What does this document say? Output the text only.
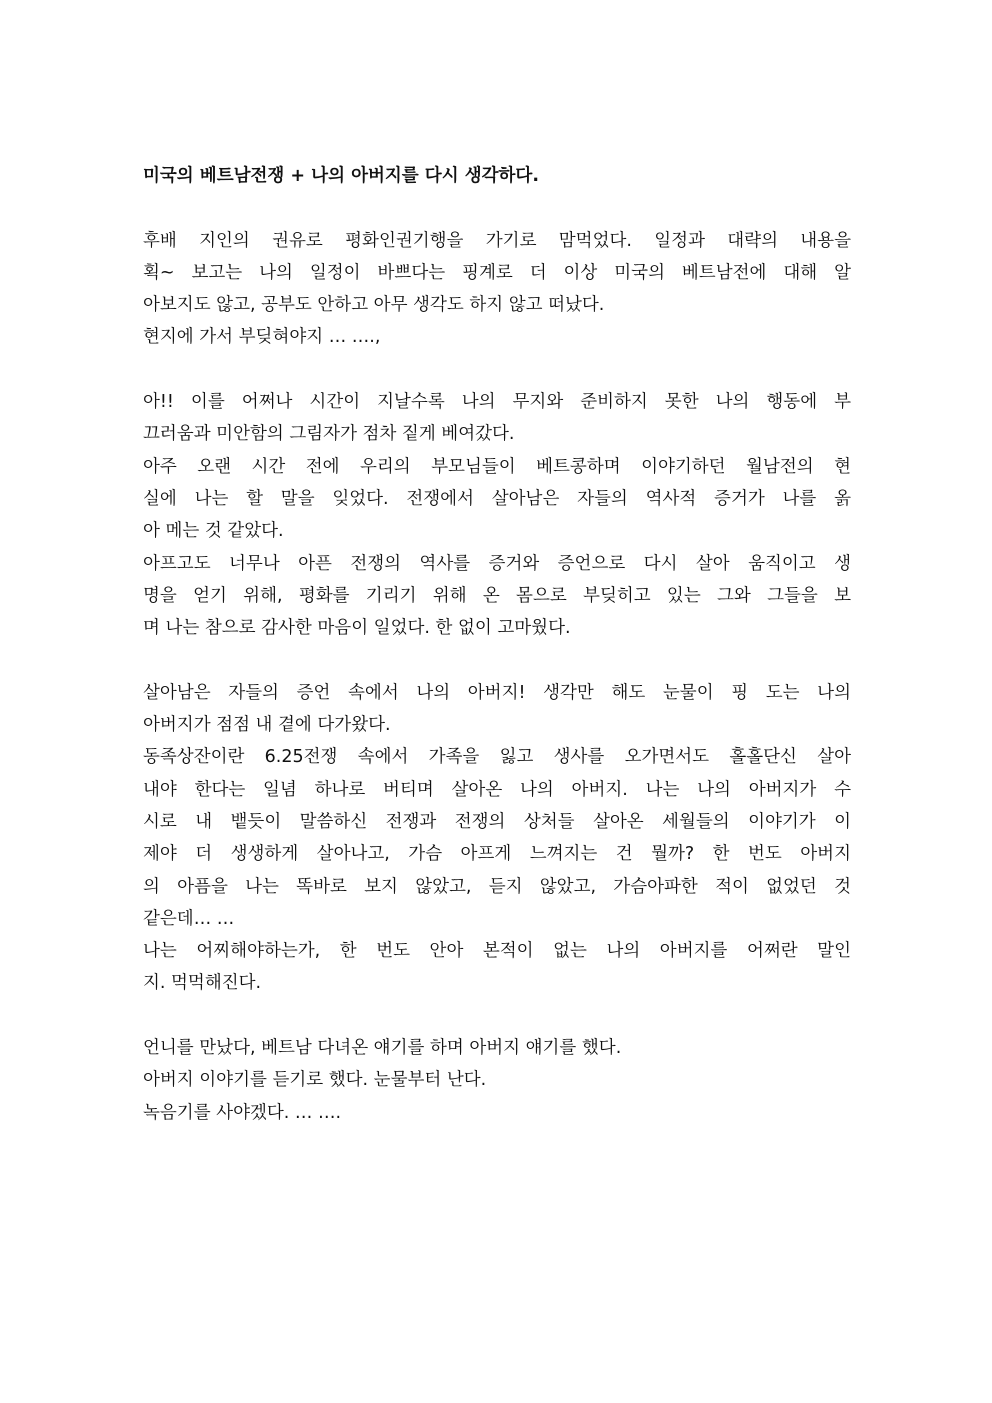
미국의 베트남전쟁 + 나의 아버지를 다시 생각하다.
후배 지인의 권유로 평화인권기행을 가기로 맘먹었다. 일정과 대략의 내용을
획~ 보고는 나의 일정이 바쁘다는 핑계로 더 이상 미국의 베트남전에 대해 알
아보지도 않고, 공부도 안하고 아무 생각도 하지 않고 떠났다.
현지에 가서 부딪혀야지 … ….,
아!! 이를 어쩌나 시간이 지날수록 나의 무지와 준비하지 못한 나의 행동에 부
끄러움과 미안함의 그림자가 점차 짙게 베여갔다.
아주 오랜 시간 전에 우리의 부모님들이 베트콩하며 이야기하던 월남전의 현
실에 나는 할 말을 잊었다. 전쟁에서 살아남은 자들의 역사적 증거가 나를 옭
아 메는 것 같았다.
아프고도 너무나 아픈 전쟁의 역사를 증거와 증언으로 다시 살아 움직이고 생
명을 얻기 위해, 평화를 기리기 위해 온 몸으로 부딪히고 있는 그와 그들을 보
며 나는 참으로 감사한 마음이 일었다. 한 없이 고마웠다.
살아남은 자들의 증언 속에서 나의 아버지! 생각만 해도 눈물이 핑 도는 나의
아버지가 점점 내 곁에 다가왔다.
동족상잔이란 6.25전쟁 속에서 가족을 잃고 생사를 오가면서도 홀홀단신 살아
내야 한다는 일념 하나로 버티며 살아온 나의 아버지. 나는 나의 아버지가 수
시로 내 뱉듯이 말씀하신 전쟁과 전쟁의 상처들 살아온 세월들의 이야기가 이
제야 더 생생하게 살아나고, 가슴 아프게 느껴지는 건 뭘까? 한 번도 아버지
의 아픔을 나는 똑바로 보지 않았고, 듣지 않았고, 가슴아파한 적이 없었던 것
같은데… …
나는 어찌해야하는가, 한 번도 안아 본적이 없는 나의 아버지를 어쩌란 말인
지. 먹먹해진다.
언니를 만났다, 베트남 다녀온 얘기를 하며 아버지 얘기를 했다.
아버지 이야기를 듣기로 했다. 눈물부터 난다.
녹음기를 사야겠다. … ….
